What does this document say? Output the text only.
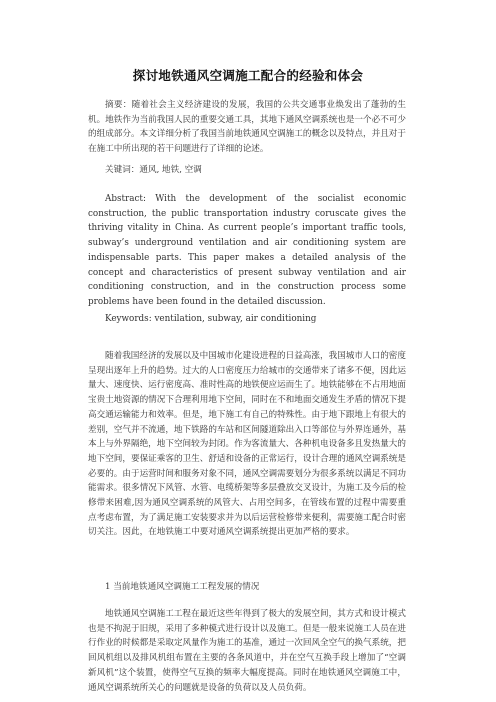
探讨地铁通风空调施工配合的经验和体会
摘要：随着社会主义经济建设的发展，我国的公共交通事业焕发出了蓬勃的生机。地铁作为当前我国人民的重要交通工具，其地下通风空调系统也是一个必不可少的组成部分。本文详细分析了我国当前地铁通风空调施工的概念以及特点，并且对于在施工中所出现的若干问题进行了详细的论述。
关键词：通风, 地铁, 空调
Abstract: With the development of the socialist economic construction, the public transportation industry coruscate gives the thriving vitality in China. As current people’s important traffic tools, subway’s underground ventilation and air conditioning system are indispensable parts. This paper makes a detailed analysis of the concept and characteristics of present subway ventilation and air conditioning construction, and in the construction process some problems have been found in the detailed discussion.
Keywords: ventilation, subway, air conditioning
随着我国经济的发展以及中国城市化建设进程的日益高涨，我国城市人口的密度呈现出逐年上升的趋势。过大的人口密度压力给城市的交通带来了诸多不便，因此运量大、速度快、运行密度高、准时性高的地铁便应运而生了。地铁能够在不占用地面宝贵土地资源的情况下合理利用地下空间，同时在不和地面交通发生矛盾的情况下提高交通运输能力和效率。但是，地下施工有自己的特殊性。由于地下跟地上有很大的差别，空气并不流通，地下铁路的车站和区间隧道除出入口等部位与外界连通外，基本上与外界隔绝，地下空间较为封闭。作为客流量大、各种机电设备多且发热量大的地下空间，要保证乘客的卫生、舒适和设备的正常运行，设计合理的通风空调系统是必要的。由于运营时间和服务对象不同，通风空调需要划分为很多系统以满足不同功能需求。很多情况下风管、水管、电缆桥架等多层叠放交叉设计，为施工及今后的检修带来困难,因为通风空调系统的风管大、占用空间多，在管线布置的过程中需要重点考虑布置，为了满足施工安装要求并为以后运营检修带来便利，需要施工配合时密切关注。因此，在地铁施工中要对通风空调系统提出更加严格的要求。
1 当前地铁通风空调施工工程发展的情况
地铁通风空调施工工程在最近这些年得到了极大的发展空间，其方式和设计模式也是不拘泥于旧规，采用了多种模式进行设计以及施工。但是一般来说施工人员在进行作业的时候都是采取定风量作为施工的基准，通过一次回风全空气的换气系统，把回风机组以及排风机组布置在主要的各条风道中，并在空气互换手段上增加了“空调新风机”这个装置，使得空气互换的频率大幅度提高。同时在地铁通风空调施工中，通风空调系统所关心的问题就是设备的负荷以及人员负荷。
